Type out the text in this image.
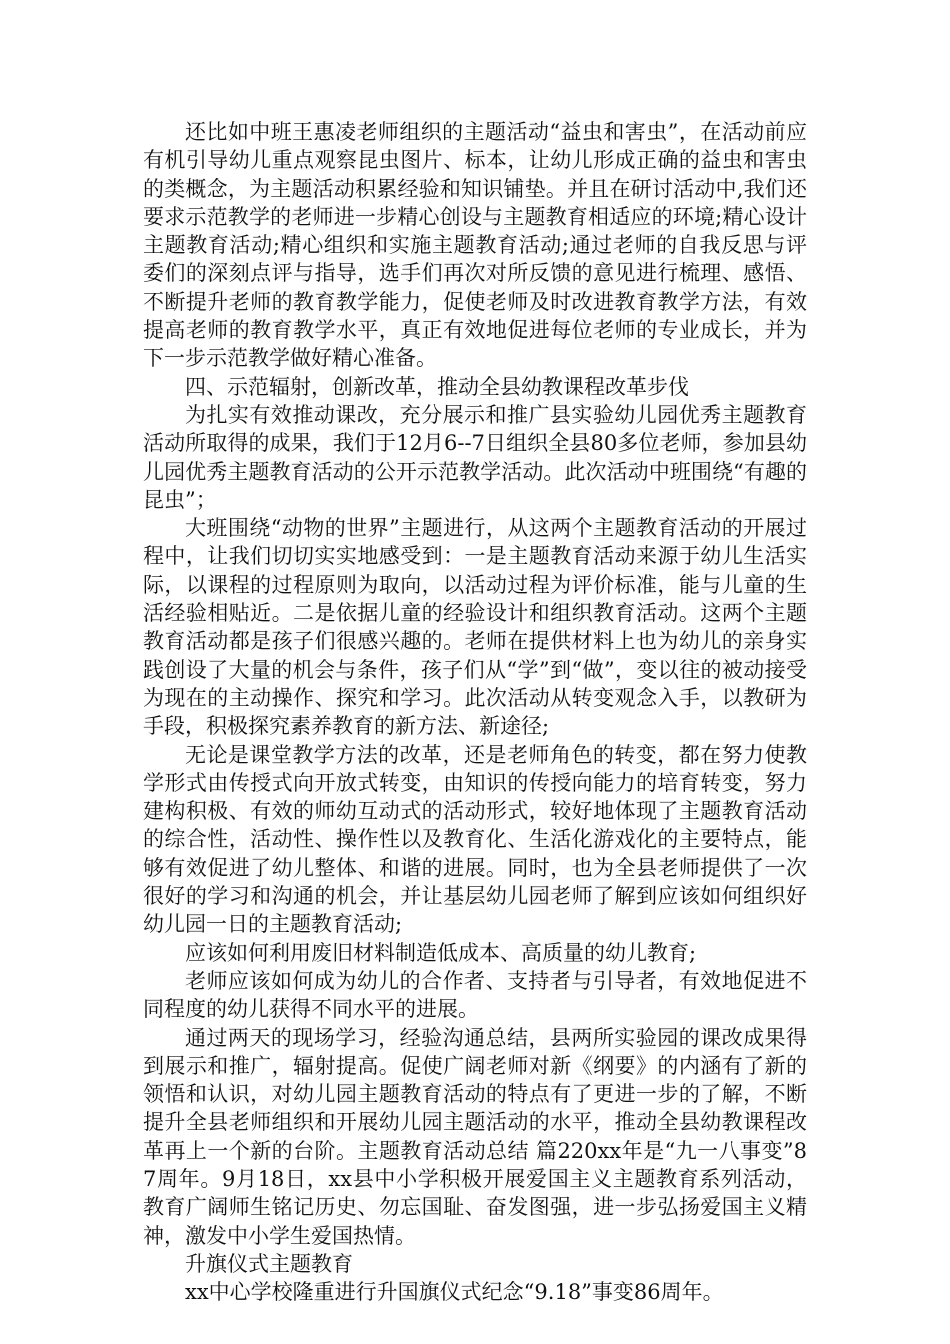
还比如中班王惠凌老师组织的主题活动“益虫和害虫”，在活动前应有机引导幼儿重点观察昆虫图片、标本，让幼儿形成正确的益虫和害虫的类概念，为主题活动积累经验和知识铺垫。并且在研讨活动中,我们还要求示范教学的老师进一步精心创设与主题教育相适应的环境;精心设计主题教育活动;精心组织和实施主题教育活动;通过老师的自我反思与评委们的深刻点评与指导，选手们再次对所反馈的意见进行梳理、感悟、不断提升老师的教育教学能力，促使老师及时改进教育教学方法，有效提高老师的教育教学水平，真正有效地促进每位老师的专业成长，并为下一步示范教学做好精心准备。

四、示范辐射，创新改革，推动全县幼教课程改革步伐

为扎实有效推动课改，充分展示和推广县实验幼儿园优秀主题教育活动所取得的成果，我们于12月6--7日组织全县80多位老师，参加县幼儿园优秀主题教育活动的公开示范教学活动。此次活动中班围绕“有趣的昆虫”；

大班围绕“动物的世界”主题进行，从这两个主题教育活动的开展过程中，让我们切切实实地感受到：一是主题教育活动来源于幼儿生活实际，以课程的过程原则为取向，以活动过程为评价标准，能与儿童的生活经验相贴近。二是依据儿童的经验设计和组织教育活动。这两个主题教育活动都是孩子们很感兴趣的。老师在提供材料上也为幼儿的亲身实践创设了大量的机会与条件，孩子们从“学”到“做”，变以往的被动接受为现在的主动操作、探究和学习。此次活动从转变观念入手，以教研为手段，积极探究素养教育的新方法、新途径;

无论是课堂教学方法的改革，还是老师角色的转变，都在努力使教学形式由传授式向开放式转变，由知识的传授向能力的培育转变，努力建构积极、有效的师幼互动式的活动形式，较好地体现了主题教育活动的综合性，活动性、操作性以及教育化、生活化游戏化的主要特点，能够有效促进了幼儿整体、和谐的进展。同时，也为全县老师提供了一次很好的学习和沟通的机会，并让基层幼儿园老师了解到应该如何组织好幼儿园一日的主题教育活动;

应该如何利用废旧材料制造低成本、高质量的幼儿教育;

老师应该如何成为幼儿的合作者、支持者与引导者，有效地促进不同程度的幼儿获得不同水平的进展。

通过两天的现场学习，经验沟通总结，县两所实验园的课改成果得到展示和推广，辐射提高。促使广阔老师对新《纲要》的内涵有了新的领悟和认识，对幼儿园主题教育活动的特点有了更进一步的了解，不断提升全县老师组织和开展幼儿园主题活动的水平，推动全县幼教课程改革再上一个新的台阶。主题教育活动总结 篇220xx年是“九一八事变”87周年。9月18日，xx县中小学积极开展爱国主义主题教育系列活动，教育广阔师生铭记历史、勿忘国耻、奋发图强，进一步弘扬爱国主义精神，激发中小学生爱国热情。

升旗仪式主题教育

xx中心学校隆重进行升国旗仪式纪念“9.18”事变86周年。
